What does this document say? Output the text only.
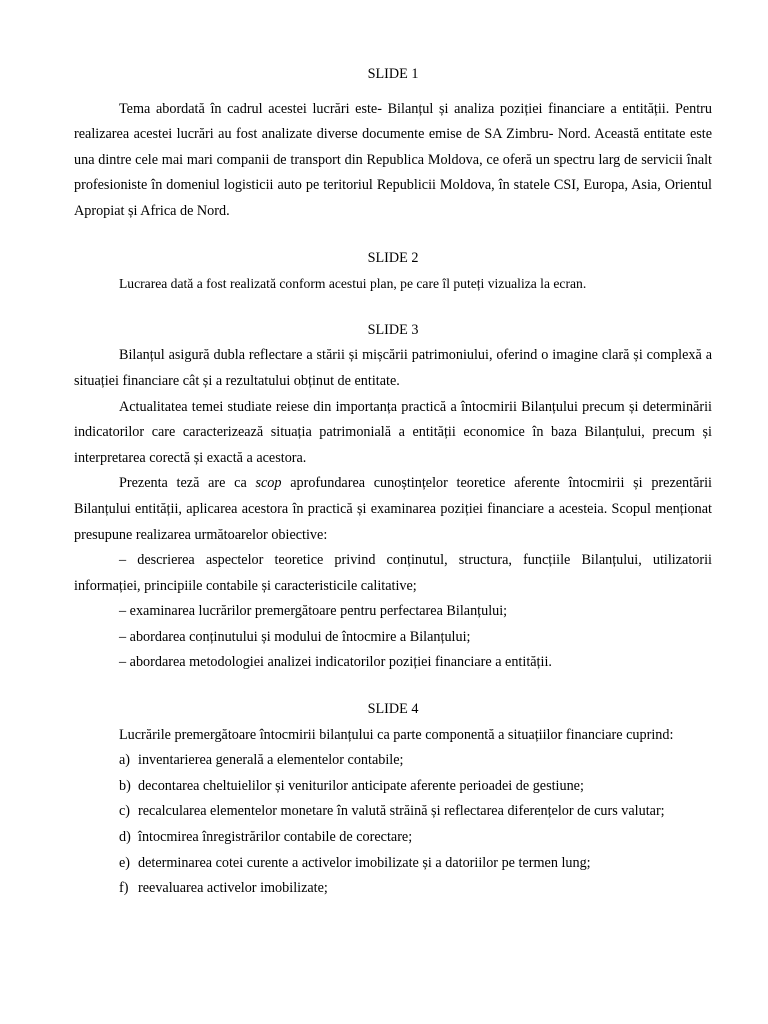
SLIDE 1

Tema abordată în cadrul acestei lucrări este- Bilanțul și analiza poziției financiare a entității. Pentru realizarea acestei lucrări au fost analizate diverse documente emise de SA Zimbru- Nord. Această entitate este una dintre cele mai mari companii de transport din Republica Moldova, ce oferă un spectru larg de servicii înalt profesioniste în domeniul logisticii auto pe teritoriul Republicii Moldova, în statele CSI, Europa, Asia, Orientul Apropiat și Africa de Nord.

SLIDE 2

Lucrarea dată a fost realizată conform acestui plan, pe care îl puteți vizualiza la ecran.

SLIDE 3

Bilanțul asigură dubla reflectare a stării și mișcării patrimoniului, oferind o imagine clară și complexă a situației financiare cât și a rezultatului obținut de entitate.

Actualitatea temei studiate reiese din importanța practică a întocmirii Bilanțului precum și determinării indicatorilor care caracterizează situația patrimonială a entității economice în baza Bilanțului, precum și interpretarea corectă și exactă a acestora.

Prezenta teză are ca scop aprofundarea cunoștințelor teoretice aferente întocmirii și prezentării Bilanțului entității, aplicarea acestora în practică și examinarea poziției financiare a acesteia. Scopul menționat presupune realizarea următoarelor obiective:

– descrierea aspectelor teoretice privind conținutul, structura, funcțiile Bilanțului, utilizatorii informației, principiile contabile și caracteristicile calitative;

– examinarea lucrărilor premergătoare pentru perfectarea Bilanțului;

– abordarea conținutului și modului de întocmire a Bilanțului;

– abordarea metodologiei analizei indicatorilor poziției financiare a entității.

SLIDE 4

Lucrările premergătoare întocmirii bilanțului ca parte componentă a situațiilor financiare cuprind:

a) inventarierea generală a elementelor contabile;
b) decontarea cheltuielilor și veniturilor anticipate aferente perioadei de gestiune;
c) recalcularea elementelor monetare în valută străină și reflectarea diferențelor de curs valutar;
d) întocmirea înregistrărilor contabile de corectare;
e) determinarea cotei curente a activelor imobilizate și a datoriilor pe termen lung;
f) reevaluarea activelor imobilizate;
